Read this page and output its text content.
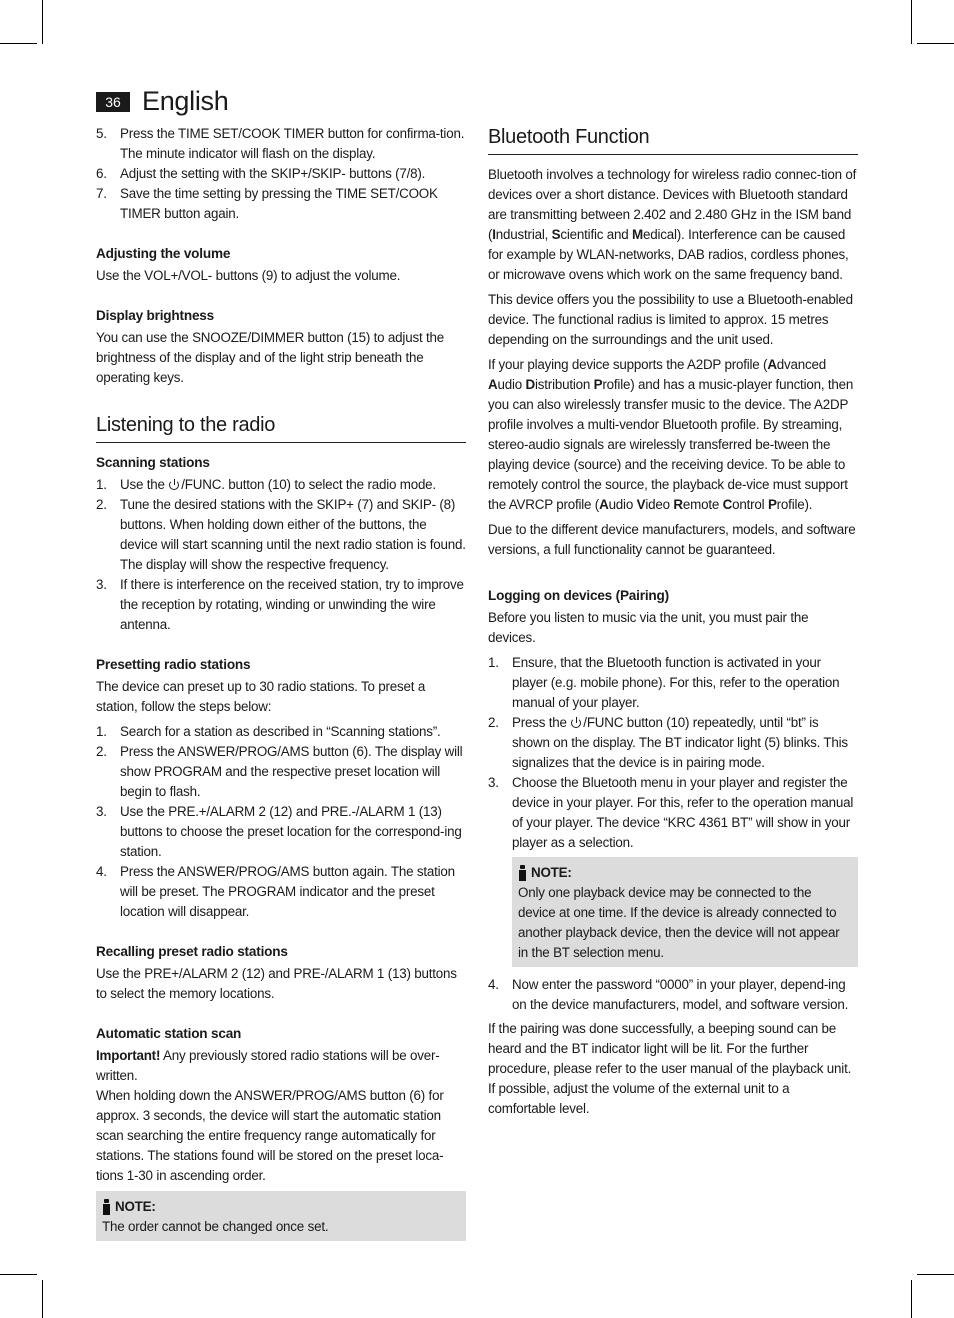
36 English
5. Press the TIME SET/COOK TIMER button for confirma-tion. The minute indicator will flash on the display.
6. Adjust the setting with the SKIP+/SKIP- buttons (7/8).
7. Save the time setting by pressing the TIME SET/COOK TIMER button again.
Adjusting the volume

Use the VOL+/VOL- buttons (9) to adjust the volume.

Display brightness

You can use the SNOOZE/DIMMER button (15) to adjust the brightness of the display and of the light strip beneath the operating keys.

Listening to the radio
Scanning stations
1. Use the
/FUNC. button (10) to select the radio mode.
2. Tune the desired stations with the SKIP+ (7) and SKIP- (8) buttons. When holding down either of the buttons, the device will start scanning until the next radio station is found. The display will show the respective frequency.
3. If there is interference on the received station, try to improve the reception by rotating, winding or unwinding the wire antenna.
Presetting radio stations

The device can preset up to 30 radio stations. To preset a station, follow the steps below:

1. Search for a station as described in “Scanning stations”.
2. Press the ANSWER/PROG/AMS button (6). The display will show PROGRAM and the respective preset location will begin to flash.
3. Use the PRE.+/ALARM 2 (12) and PRE.-/ALARM 1 (13) buttons to choose the preset location for the correspond-ing station.
4. Press the ANSWER/PROG/AMS button again. The station will be preset. The PROGRAM indicator and the preset location will disappear.
Recalling preset radio stations

Use the PRE+/ALARM 2 (12) and PRE-/ALARM 1 (13) buttons to select the memory locations.

Automatic station scan

Important! Any previously stored radio stations will be over-written.

When holding down the ANSWER/PROG/AMS button (6) for approx. 3 seconds, the device will start the automatic station scan searching the entire frequency range automatically for stations. The stations found will be stored on the preset loca-tions 1-30 in ascending order.

NOTE:
The order cannot be changed once set.
Bluetooth Function

Bluetooth involves a technology for wireless radio connec-tion of devices over a short distance. Devices with Bluetooth standard are transmitting between 2.402 and 2.480 GHz in the ISM band (Industrial, Scientific and Medical). Interference can be caused for example by WLAN-networks, DAB radios, cordless phones, or microwave ovens which work on the same frequency band.

This device offers you the possibility to use a Bluetooth-enabled device. The functional radius is limited to approx. 15 metres depending on the surroundings and the unit used.

If your playing device supports the A2DP profile (Advanced Audio Distribution Profile) and has a music-player function, then you can also wirelessly transfer music to the device. The A2DP profile involves a multi-vendor Bluetooth profile. By streaming, stereo-audio signals are wirelessly transferred be-tween the playing device (source) and the receiving device. To be able to remotely control the source, the playback de-vice must support the AVRCP profile (Audio Video Remote Control Profile).

Due to the different device manufacturers, models, and software versions, a full functionality cannot be guaranteed.

Logging on devices (Pairing)

Before you listen to music via the unit, you must pair the devices.

1. Ensure, that the Bluetooth function is activated in your player (e.g. mobile phone). For this, refer to the operation manual of your player.
2. Press the
/FUNC button (10) repeatedly, until “bt” is shown on the display. The BT indicator light (5) blinks. This signalizes that the device is in pairing mode.
3. Choose the Bluetooth menu in your player and register the device in your player. For this, refer to the operation manual of your player. The device “KRC 4361 BT” will show in your player as a selection.
NOTE:
Only one playback device may be connected to the device at one time. If the device is already connected to another playback device, then the device will not appear in the BT selection menu.
4. Now enter the password “0000” in your player, depend-ing on the device manufacturers, model, and software version.

If the pairing was done successfully, a beeping sound can be heard and the BT indicator light will be lit. For the further procedure, please refer to the user manual of the playback unit. If possible, adjust the volume of the external unit to a comfortable level.
